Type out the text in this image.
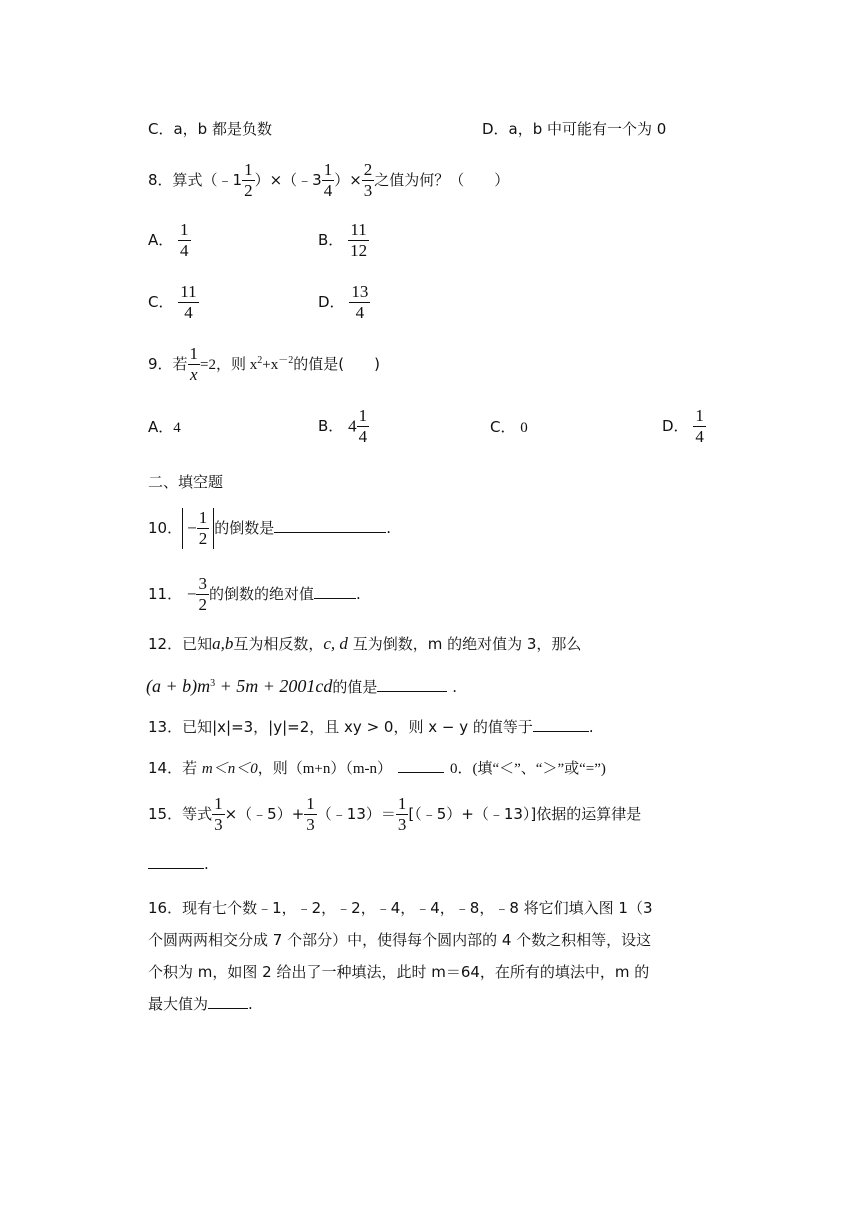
C．a，b 都是负数	D．a，b 中可能有一个为 0
8．算式（﹣1 $\frac{1}{2}$ ）×（﹣3 $\frac{1}{4}$ ）× $\frac{2}{3}$ 之值为何？（　　）
A． $\frac{1}{4}$	B． $\frac{11}{12}$
C． $\frac{11}{4}$	D． $\frac{13}{4}$
9．若 $\frac{1}{x} =2$，则 $x^2+x^{-2}$的值是(　　)
A．4	B． $4 \frac{1}{4}$	C． 0	D． $\frac{1}{4}$
二、填空题
10． − $\frac{1}{2}$ 的倒数是	.
11． − $\frac{3}{2}$ 的倒数的绝对值	.
12．已知a,b互为相反数，c, d 互为倒数，m 的绝对值为 3，那么
$(a + b)m^3 + 5m + 2001cd$的值是	.
13．已知|x|=3，|y|=2，且 xy > 0，则 x − y 的值等于	.
14．若 m＜n＜0，则（m+n）（m-n）	0．(填“＜”、“＞”或“=”)
15．等式 $\frac{1}{3}$ ×（﹣5）+ $\frac{1}{3}$ （﹣13）＝ $\frac{1}{3}$ [（﹣5）+（﹣13）]依据的运算律是
.
16．现有七个数﹣1，﹣2，﹣2，﹣4，﹣4，﹣8，﹣8 将它们填入图 1（3
个圆两两相交分成 7 个部分）中，使得每个圆内部的 4 个数之积相等，设这
个积为 m，如图 2 给出了一种填法，此时 m＝64，在所有的填法中，m 的
最大值为	.
